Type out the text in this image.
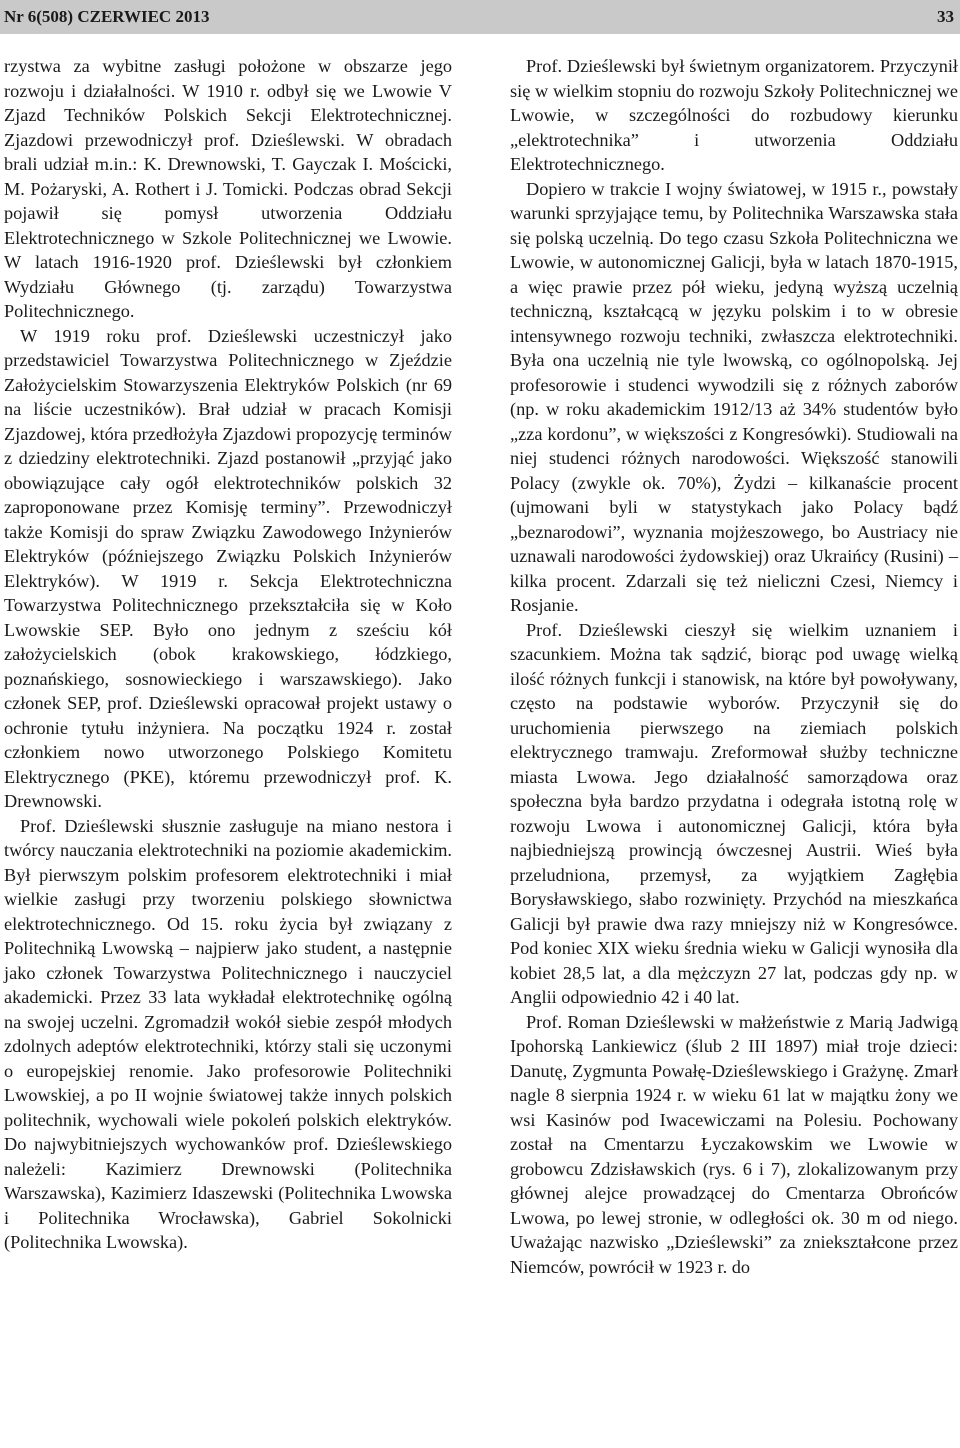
Nr 6(508) CZERWIEC 2013	33

rzystwa za wybitne zasługi położone w obszarze jego rozwoju i działalności. W 1910 r. odbył się we Lwowie V Zjazd Techników Polskich Sekcji Elektrotechnicznej. Zjazdowi przewodniczył prof. Dzieślewski. W obradach brali udział m.in.: K. Drewnowski, T. Gayczak I. Mościcki, M. Pożaryski, A. Rothert i J. Tomicki. Podczas obrad Sekcji pojawił się pomysł utworzenia Oddziału Elektrotechnicznego w Szkole Politechnicznej we Lwowie. W latach 1916-1920 prof. Dzieślewski był członkiem Wydziału Głównego (tj. zarządu) Towarzystwa Politechnicznego.

W 1919 roku prof. Dzieślewski uczestniczył jako przedstawiciel Towarzystwa Politechnicznego w Zjeździe Założycielskim Stowarzyszenia Elektryków Polskich (nr 69 na liście uczestników). Brał udział w pracach Komisji Zjazdowej, która przedłożyła Zjazdowi propozycję terminów z dziedziny elektrotechniki. Zjazd postanowił „przyjąć jako obowiązujące cały ogół elektrotechników polskich 32 zaproponowane przez Komisję terminy”. Przewodniczył także Komisji do spraw Związku Zawodowego Inżynierów Elektryków (późniejszego Związku Polskich Inżynierów Elektryków). W 1919 r. Sekcja Elektrotechniczna Towarzystwa Politechnicznego przekształciła się w Koło Lwowskie SEP. Było ono jednym z sześciu kół założycielskich (obok krakowskiego, łódzkiego, poznańskiego, sosnowieckiego i warszawskiego). Jako członek SEP, prof. Dzieślewski opracował projekt ustawy o ochronie tytułu inżyniera. Na początku 1924 r. został członkiem nowo utworzonego Polskiego Komitetu Elektrycznego (PKE), któremu przewodniczył prof. K. Drewnowski.

Prof. Dzieślewski słusznie zasługuje na miano nestora i twórcy nauczania elektrotechniki na poziomie akademickim. Był pierwszym polskim profesorem elektrotechniki i miał wielkie zasługi przy tworzeniu polskiego słownictwa elektrotechnicznego. Od 15. roku życia był związany z Politechniką Lwowską – najpierw jako student, a następnie jako członek Towarzystwa Politechnicznego i nauczyciel akademicki. Przez 33 lata wykładał elektrotechnikę ogólną na swojej uczelni. Zgromadził wokół siebie zespół młodych zdolnych adeptów elektrotechniki, którzy stali się uczonymi o europejskiej renomie. Jako profesorowie Politechniki Lwowskiej, a po II wojnie światowej także innych polskich politechnik, wychowali wiele pokoleń polskich elektryków. Do najwybitniejszych wychowanków prof. Dzieślewskiego należeli: Kazimierz Drewnowski (Politechnika Warszawska), Kazimierz Idaszewski (Politechnika Lwowska i Politechnika Wrocławska), Gabriel Sokolnicki (Politechnika Lwowska).

Prof. Dzieślewski był świetnym organizatorem. Przyczynił się w wielkim stopniu do rozwoju Szkoły Politechnicznej we Lwowie, w szczególności do rozbudowy kierunku „elektrotechnika” i utworzenia Oddziału Elektrotechnicznego.

Dopiero w trakcie I wojny światowej, w 1915 r., powstały warunki sprzyjające temu, by Politechnika Warszawska stała się polską uczelnią. Do tego czasu Szkoła Politechniczna we Lwowie, w autonomicznej Galicji, była w latach 1870-1915, a więc prawie przez pół wieku, jedyną wyższą uczelnią techniczną, kształcącą w języku polskim i to w obresie intensywnego rozwoju techniki, zwłaszcza elektrotechniki. Była ona uczelnią nie tyle lwowską, co ogólnopolską. Jej profesorowie i studenci wywodzili się z różnych zaborów (np. w roku akademickim 1912/13 aż 34% studentów było „zza kordonu”, w większości z Kongresówki). Studiowali na niej studenci różnych narodowości. Większość stanowili Polacy (zwykle ok. 70%), Żydzi – kilkanaście procent (ujmowani byli w statystykach jako Polacy bądź „beznarodowi”, wyznania mojżeszowego, bo Austriacy nie uznawali narodowości żydowskiej) oraz Ukraińcy (Rusini) – kilka procent. Zdarzali się też nieliczni Czesi, Niemcy i Rosjanie.

Prof. Dzieślewski cieszył się wielkim uznaniem i szacunkiem. Można tak sądzić, biorąc pod uwagę wielką ilość różnych funkcji i stanowisk, na które był powoływany, często na podstawie wyborów. Przyczynił się do uruchomienia pierwszego na ziemiach polskich elektrycznego tramwaju. Zreformował służby techniczne miasta Lwowa. Jego działalność samorządowa oraz społeczna była bardzo przydatna i odegrała istotną rolę w rozwoju Lwowa i autonomicznej Galicji, która była najbiedniejszą prowincją ówczesnej Austrii. Wieś była przeludniona, przemysł, za wyjątkiem Zagłębia Borysławskiego, słabo rozwinięty. Przychód na mieszkańca Galicji był prawie dwa razy mniejszy niż w Kongresówce. Pod koniec XIX wieku średnia wieku w Galicji wynosiła dla kobiet 28,5 lat, a dla mężczyzn 27 lat, podczas gdy np. w Anglii odpowiednio 42 i 40 lat.

Prof. Roman Dzieślewski w małżeństwie z Marią Jadwigą Ipohorską Lankiewicz (ślub 2 III 1897) miał troje dzieci: Danutę, Zygmunta Powałę-Dzieślewskiego i Grażynę. Zmarł nagle 8 sierpnia 1924 r. w wieku 61 lat w majątku żony we wsi Kasinów pod Iwacewiczami na Polesiu. Pochowany został na Cmentarzu Łyczakowskim we Lwowie w grobowcu Zdzisławskich (rys. 6 i 7), zlokalizowanym przy głównej alejce prowadzącej do Cmentarza Obrońców Lwowa, po lewej stronie, w odległości ok. 30 m od niego. Uważając nazwisko „Dzieślewski” za zniekształcone przez Niemców, powrócił w 1923 r. do
